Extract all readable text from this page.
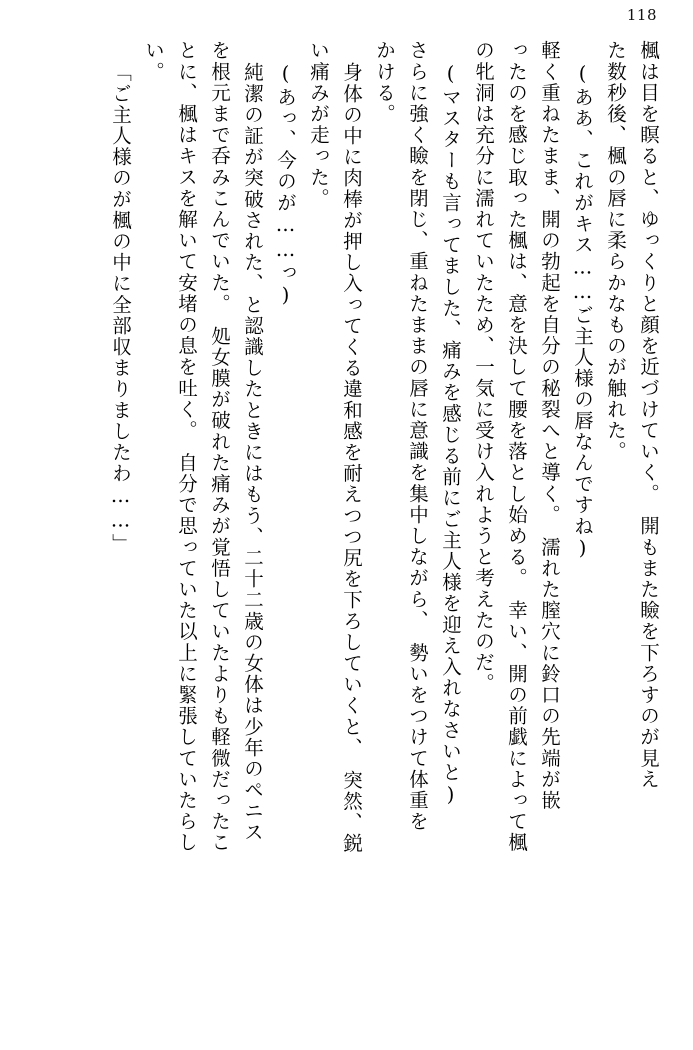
118
楓は目を瞑ると、ゆっくりと顔を近づけていく。　開もまた瞼を下ろすのが見え
た数秒後、楓の唇に柔らかなものが触れた。
(ああ、これがキス……ご主人様の唇なんですね)
軽く重ねたまま、開の勃起を自分の秘裂へと導く。　濡れた膣穴に鈴口の先端が嵌
ったのを感じ取った楓は、意を決して腰を落とし始める。　幸い、開の前戯によって楓
の牝洞は充分に濡れていたため、一気に受け入れようと考えたのだ。
(マスターも言ってました、痛みを感じる前にご主人様を迎え入れなさいと)
さらに強く瞼を閉じ、重ねたままの唇に意識を集中しながら、　勢いをつけて体重を
かける。
身体の中に肉棒が押し入ってくる違和感を耐えつつ尻を下ろしていくと、　突然、鋭
い痛みが走った。
(あっ、今のが……っ)
純潔の証が突破された、と認識したときにはもう、二十二歳の女体は少年のペニス
を根元まで呑みこんでいた。　処女膜が破れた痛みが覚悟していたよりも軽微だったこ
とに、楓はキスを解いて安堵の息を吐く。　自分で思っていた以上に緊張していたらし
い。
「ご主人様のが楓の中に全部収まりましたわ……」
